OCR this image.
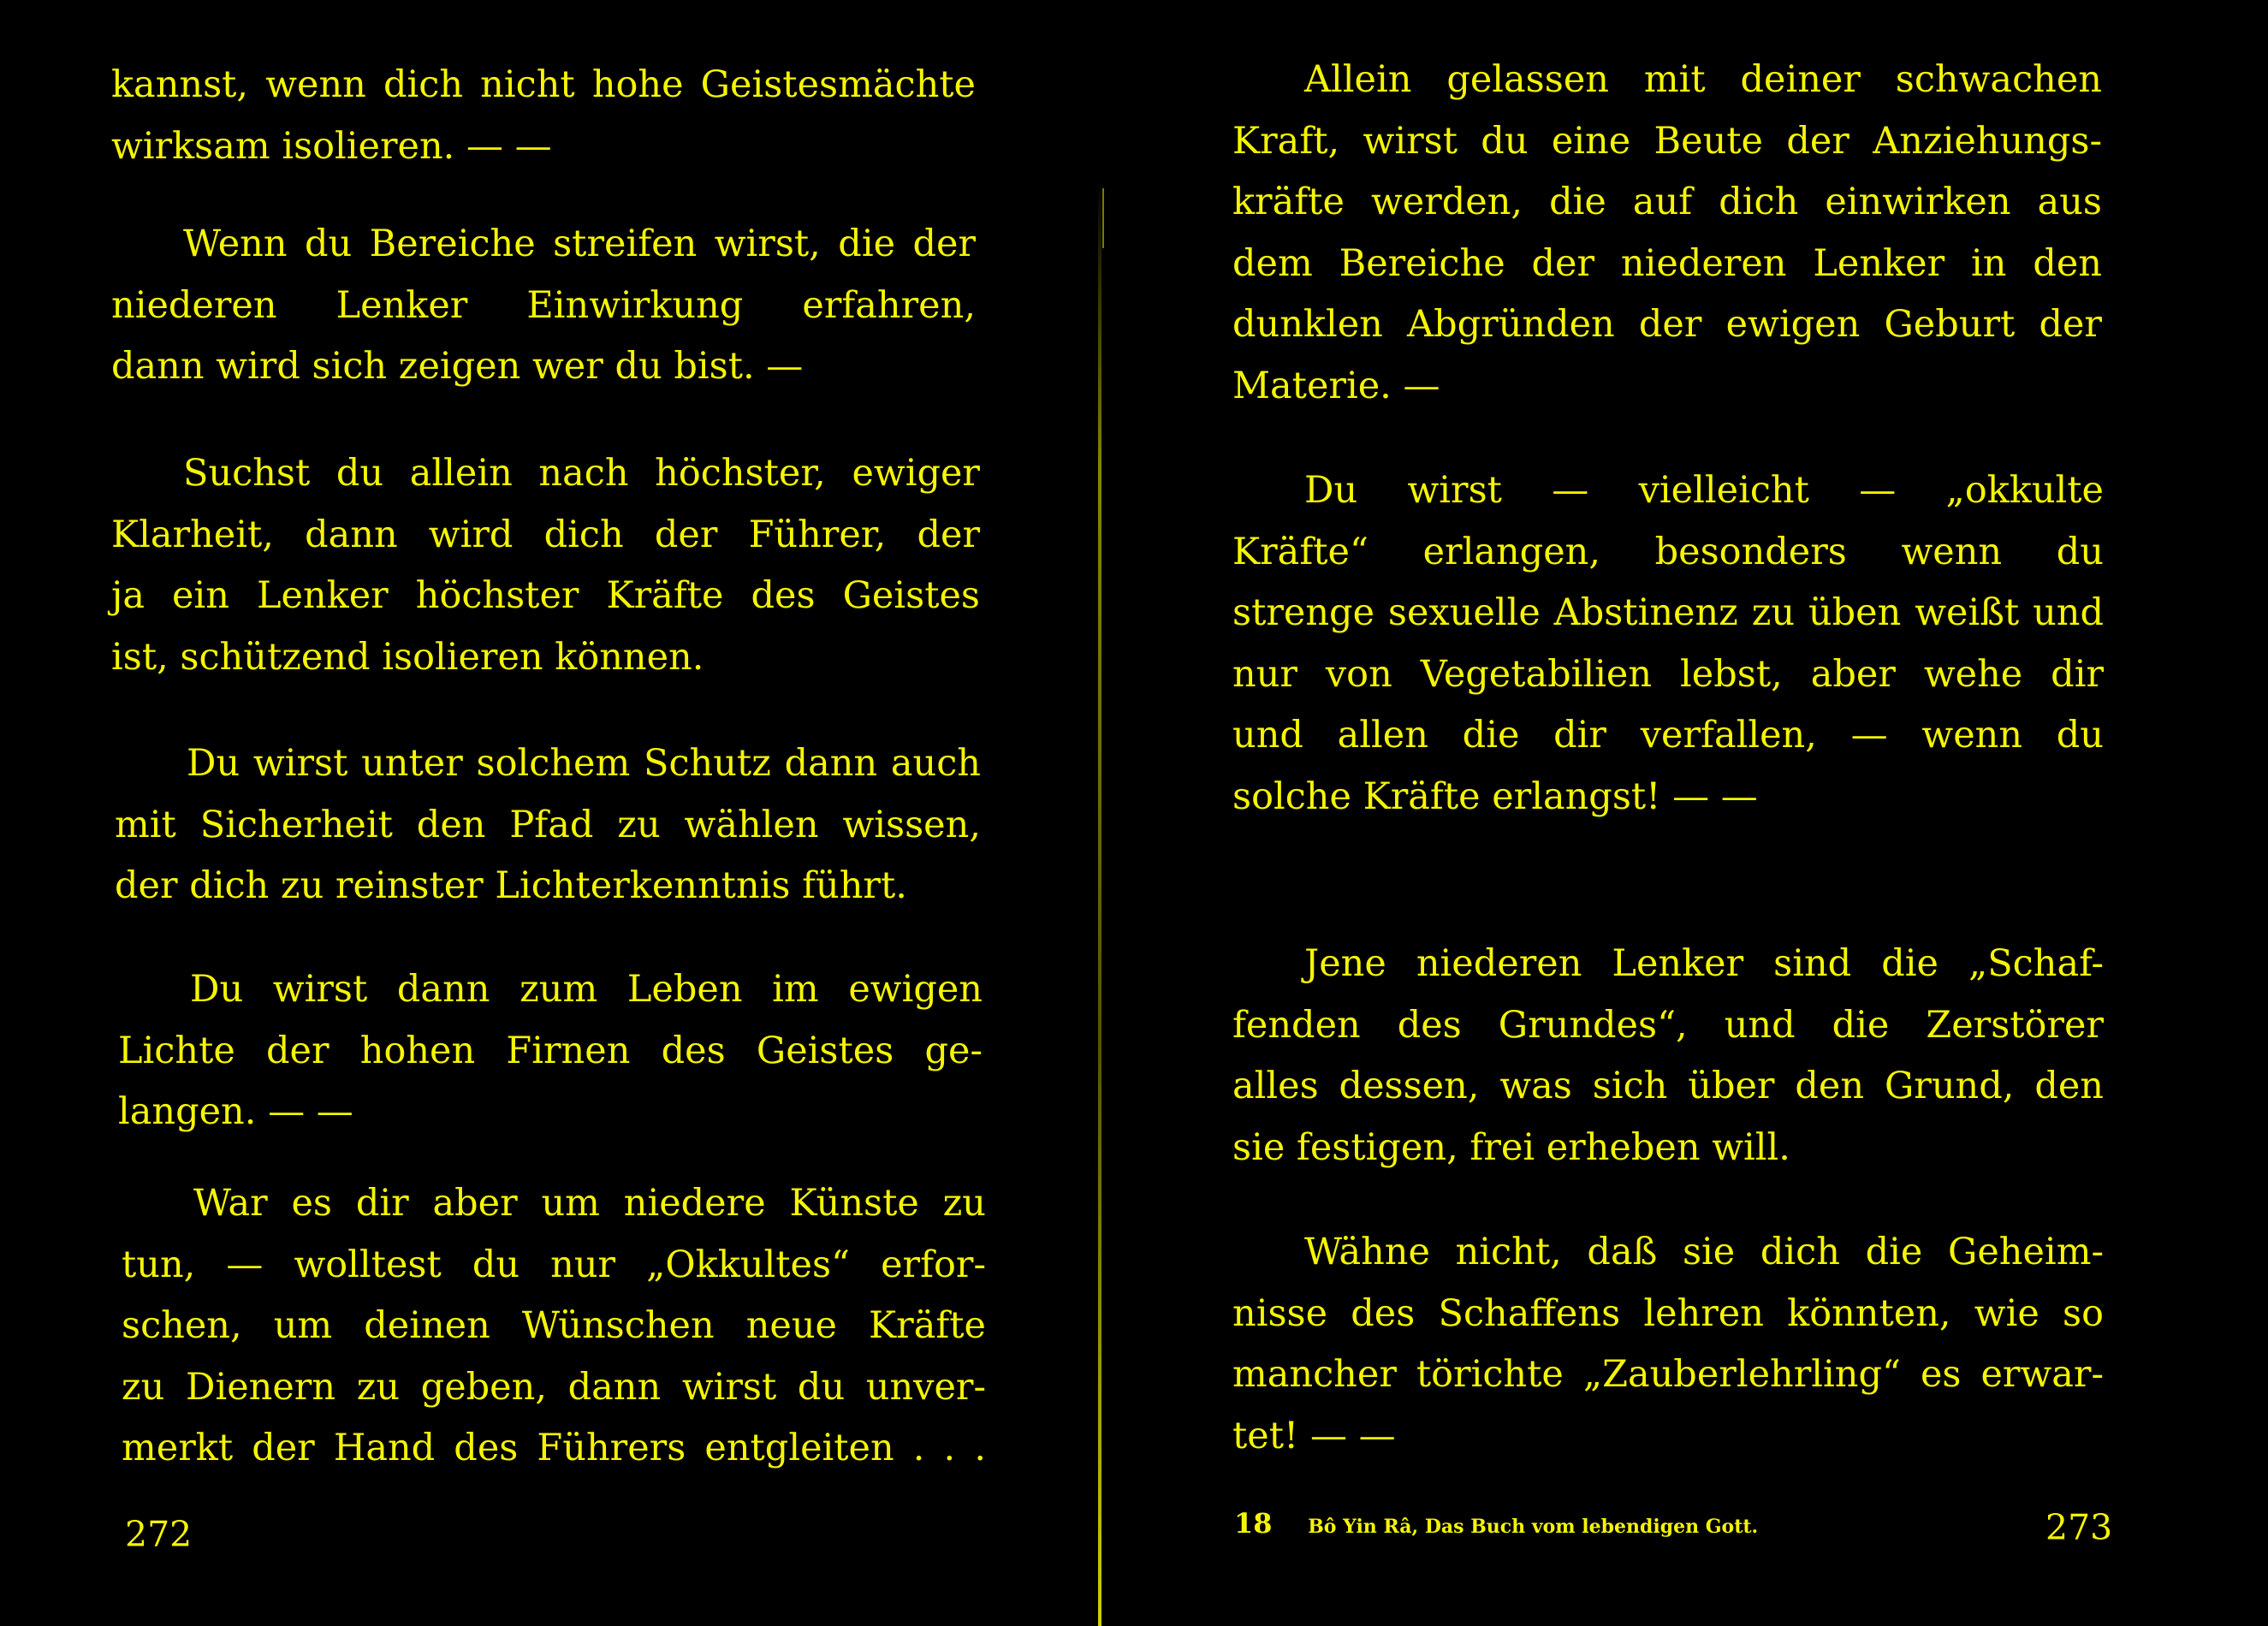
kannst, wenn dich nicht hohe Geistesmächte
wirksam isolieren. — —

Wenn du Bereiche streifen wirst, die der
niederen Lenker Einwirkung erfahren,
dann wird sich zeigen wer du bist. —

Suchst du allein nach höchster, ewiger
Klarheit, dann wird dich der Führer, der
ja ein Lenker höchster Kräfte des Geistes
ist, schützend isolieren können.

Du wirst unter solchem Schutz dann auch
mit Sicherheit den Pfad zu wählen wissen,
der dich zu reinster Lichterkenntnis führt.

Du wirst dann zum Leben im ewigen
Lichte der hohen Firnen des Geistes ge-
langen. — —

War es dir aber um niedere Künste zu
tun, — wolltest du nur „Okkultes“ erfor-
schen, um deinen Wünschen neue Kräfte
zu Dienern zu geben, dann wirst du unver-
merkt der Hand des Führers entgleiten . . .

272

Allein gelassen mit deiner schwachen
Kraft, wirst du eine Beute der Anziehungs-
kräfte werden, die auf dich einwirken aus
dem Bereiche der niederen Lenker in den
dunklen Abgründen der ewigen Geburt der
Materie. —

Du wirst — vielleicht — „okkulte
Kräfte“ erlangen, besonders wenn du
strenge sexuelle Abstinenz zu üben weißt und
nur von Vegetabilien lebst, aber wehe dir
und allen die dir verfallen, — wenn du
solche Kräfte erlangst! — —

Jene niederen Lenker sind die „Schaf-
fenden des Grundes“, und die Zerstörer
alles dessen, was sich über den Grund, den
sie festigen, frei erheben will.

Wähne nicht, daß sie dich die Geheim-
nisse des Schaffens lehren könnten, wie so
mancher törichte „Zauberlehrling“ es erwar-
tet! — —

18 Bô Yin Râ, Das Buch vom lebendigen Gott.	273
